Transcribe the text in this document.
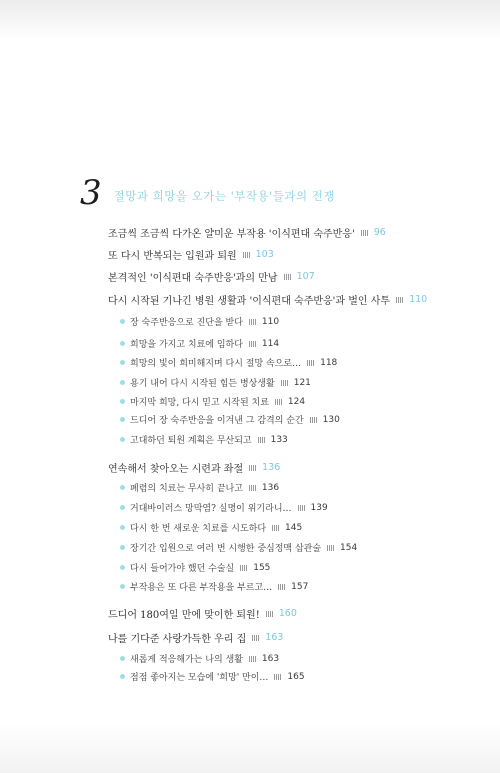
3 절망과 희망을 오가는 '부작용'들과의 전쟁
조금씩 조금씩 다가온 얄미운 부작용 '이식편대 숙주반응' 96
또 다시 반복되는 입원과 퇴원 103
본격적인 '이식편대 숙주반응'과의 만남 107
다시 시작된 기나긴 병원 생활과 '이식편대 숙주반응'과 벌인 사투 110
장 숙주반응으로 진단을 받다 110
희망을 가지고 치료에 임하다 114
희망의 빛이 희미해지며 다시 절망 속으로… 118
용기 내어 다시 시작된 힘든 병상생활 121
마지막 희망, 다시 믿고 시작된 치료 124
드디어 장 숙주반응을 이겨낸 그 감격의 순간 130
고대하던 퇴원 계획은 무산되고 133
연속해서 찾아오는 시련과 좌절 136
폐렴의 치료는 무사히 끝나고 136
거대바이러스 망막염? 실명이 위기라니… 139
다시 한 번 새로운 치료를 시도하다 145
장기간 입원으로 여러 번 시행한 중심정맥 삽관술 154
다시 들어가야 했던 수술실 155
부작용은 또 다른 부작용을 부르고… 157
드디어 180여일 만에 맞이한 퇴원! 160
나를 기다준 사랑가득한 우리 집 163
새롭게 적응해가는 나의 생활 163
점점 좋아지는 모습에 '희망' 만이… 165
